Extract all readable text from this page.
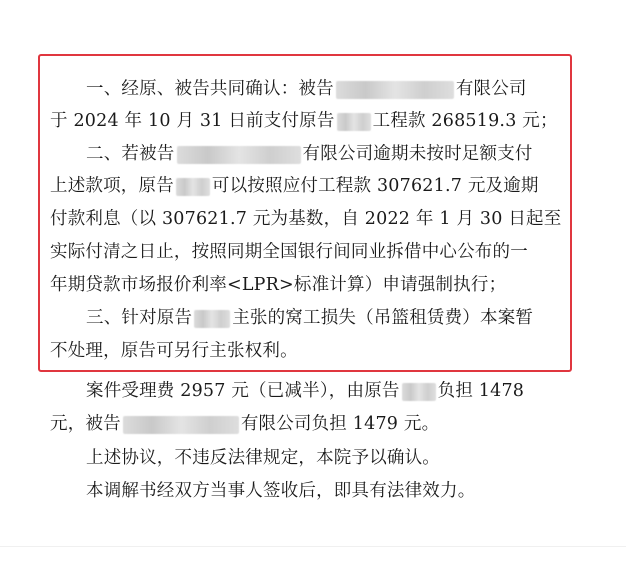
一、经原、被告共同确认：被告	有限公司
于 2024 年 10 月 31 日前支付原告 工程款 268519.3 元；
二、若被告	有限公司逾期未按时足额支付
上述款项，原告 可以按照应付工程款 307621.7 元及逾期
付款利息（以 307621.7 元为基数，自 2022 年 1 月 30 日起至
实际付清之日止，按照同期全国银行间同业拆借中心公布的一
年期贷款市场报价利率<LPR>标准计算）申请强制执行；
三、针对原告 主张的窝工损失（吊篮租赁费）本案暂
不处理，原告可另行主张权利。
案件受理费 2957 元（已减半），由原告 负担 1478
元，被告	有限公司负担 1479 元。
上述协议，不违反法律规定，本院予以确认。
本调解书经双方当事人签收后，即具有法律效力。
